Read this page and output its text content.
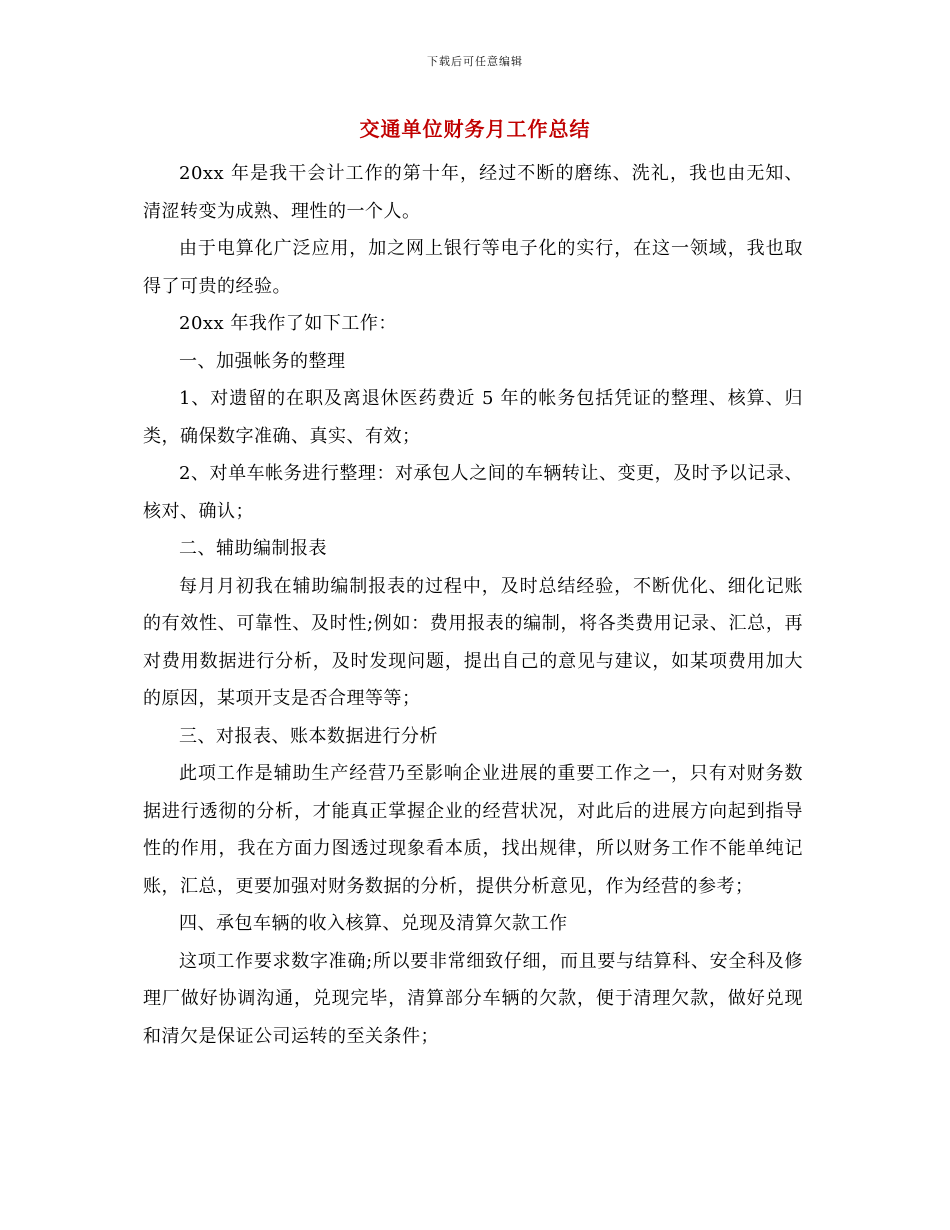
下载后可任意编辑
交通单位财务月工作总结

20xx 年是我干会计工作的第十年，经过不断的磨练、洗礼，我也由无知、清涩转变为成熟、理性的一个人。

由于电算化广泛应用，加之网上银行等电子化的实行，在这一领域，我也取得了可贵的经验。

20xx 年我作了如下工作：

一、加强帐务的整理

1、对遗留的在职及离退休医药费近 5 年的帐务包括凭证的整理、核算、归类，确保数字准确、真实、有效；

2、对单车帐务进行整理：对承包人之间的车辆转让、变更，及时予以记录、核对、确认；

二、辅助编制报表

每月月初我在辅助编制报表的过程中，及时总结经验，不断优化、细化记账的有效性、可靠性、及时性;例如：费用报表的编制，将各类费用记录、汇总，再对费用数据进行分析，及时发现问题，提出自己的意见与建议，如某项费用加大的原因，某项开支是否合理等等；

三、对报表、账本数据进行分析

此项工作是辅助生产经营乃至影响企业进展的重要工作之一，只有对财务数据进行透彻的分析，才能真正掌握企业的经营状况，对此后的进展方向起到指导性的作用，我在方面力图透过现象看本质，找出规律，所以财务工作不能单纯记账，汇总，更要加强对财务数据的分析，提供分析意见，作为经营的参考；

四、承包车辆的收入核算、兑现及清算欠款工作

这项工作要求数字准确;所以要非常细致仔细，而且要与结算科、安全科及修理厂做好协调沟通，兑现完毕，清算部分车辆的欠款，便于清理欠款，做好兑现和清欠是保证公司运转的至关条件；
